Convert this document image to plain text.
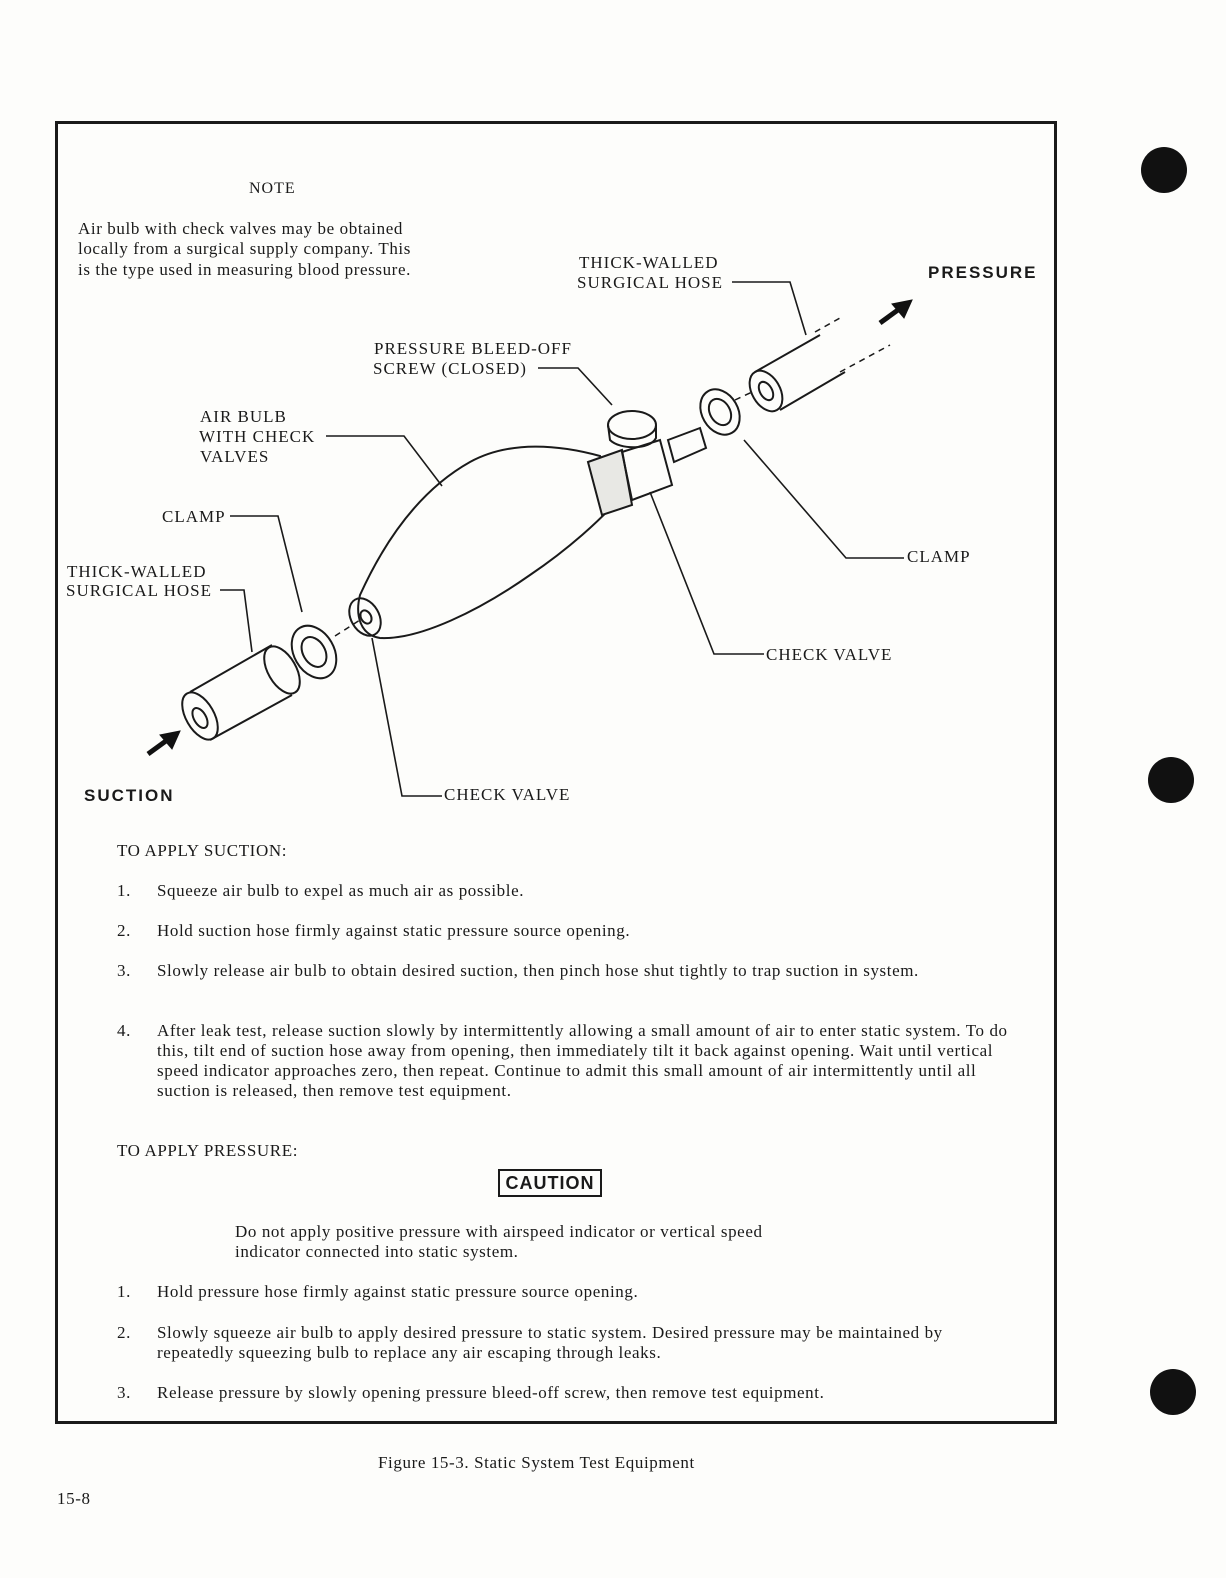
NOTE
Air bulb with check valves may be obtained
locally from a surgical supply company. This
is the type used in measuring blood pressure.	THICK-WALLED
SURGICAL HOSE
PRESSURE
PRESSURE BLEED-OFF
SCREW (CLOSED)
AIR BULB
WITH CHECK
VALVES
CLAMP
THICK-WALLED
SURGICAL HOSE
CLAMP
CHECK VALVE
CHECK VALVE
SUCTION
TO APPLY SUCTION:
1. Squeeze air bulb to expel as much air as possible.
2. Hold suction hose firmly against static pressure source opening.
3. Slowly release air bulb to obtain desired suction, then pinch hose shut tightly to trap suction in system.
4. After leak test, release suction slowly by intermittently allowing a small amount of air to enter static system. To do this, tilt end of suction hose away from opening, then immediately tilt it back against opening. Wait until vertical speed indicator approaches zero, then repeat. Continue to admit this small amount of air intermittently until all suction is released, then remove test equipment.
TO APPLY PRESSURE:
CAUTION
Do not apply positive pressure with airspeed indicator or vertical speed
indicator connected into static system.
1. Hold pressure hose firmly against static pressure source opening.
2. Slowly squeeze air bulb to apply desired pressure to static system. Desired pressure may be maintained by repeatedly squeezing bulb to replace any air escaping through leaks.
3. Release pressure by slowly opening pressure bleed-off screw, then remove test equipment.
Figure 15-3. Static System Test Equipment
15-8
